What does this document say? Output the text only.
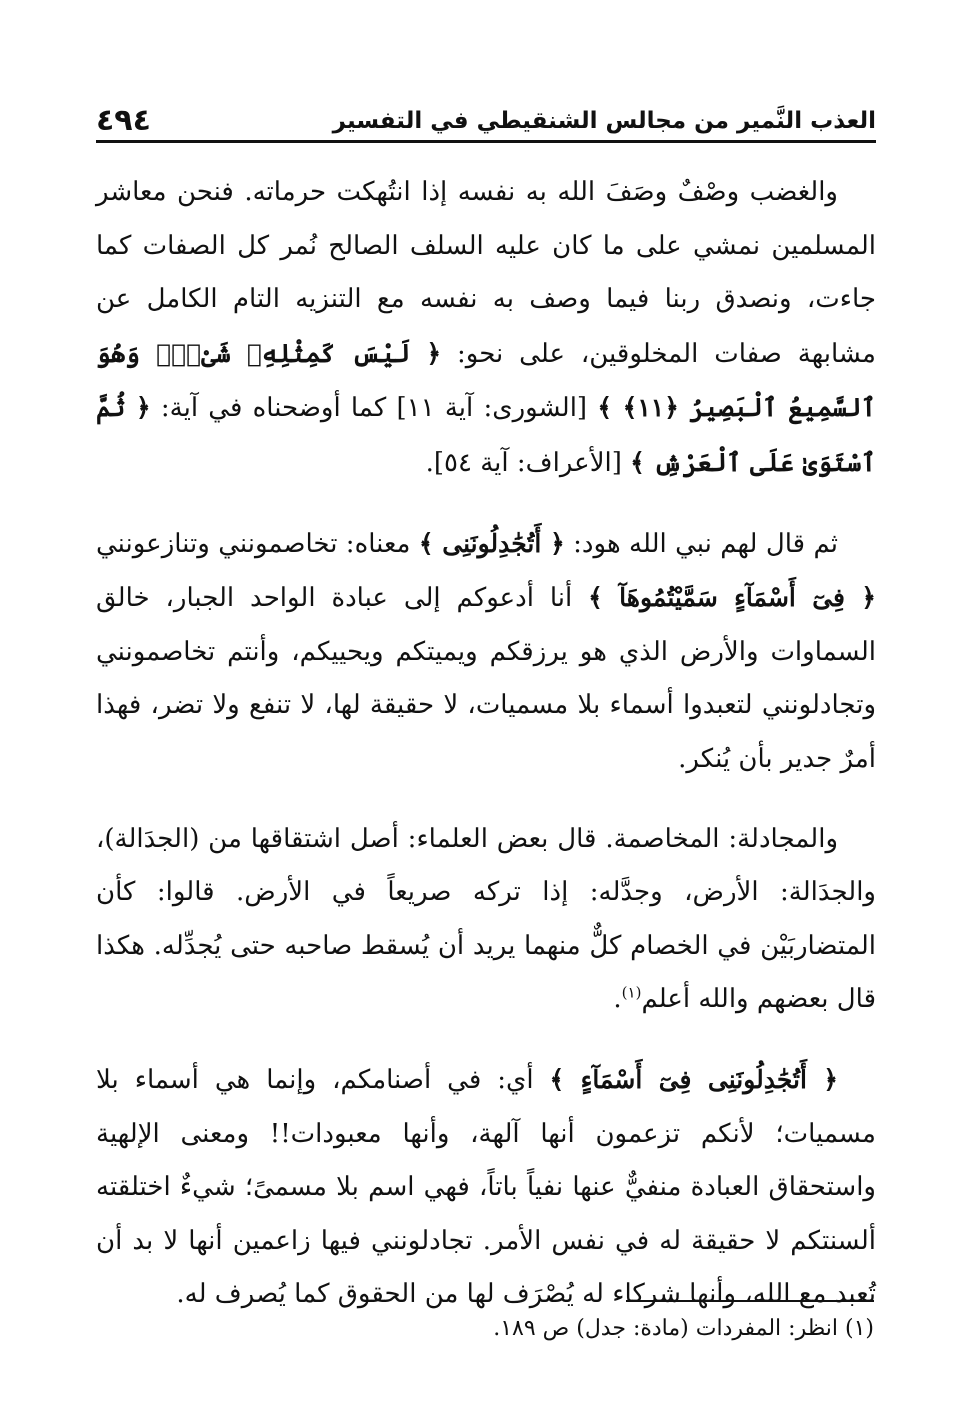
العذب النَّمير من مجالس الشنقيطي في التفسير
٤٩٤

والغضب وصْفٌ وصَفَ الله به نفسه إذا انتُهكت حرماته. فنحن معاشر المسلمين نمشي على ما كان عليه السلف الصالح نُمر كل الصفات كما جاءت، ونصدق ربنا فيما وصف به نفسه مع التنزيه التام الكامل عن مشابهة صفات المخلوقين، على نحو: ﴿ لَيْسَ كَمِثْلِهِۦ شَىْءٌۖ وَهُوَ ٱلسَّمِيعُ ٱلْبَصِيرُ ﴿١١﴾ ﴾ [الشورى: آية ١١] كما أوضحناه في آية: ﴿ ثُمَّ ٱسْتَوَىٰ عَلَى ٱلْعَرْشِ ﴾ [الأعراف: آية ٥٤].

ثم قال لهم نبي الله هود: ﴿ أَتُجَٰدِلُونَنِى ﴾ معناه: تخاصمونني وتنازعونني ﴿ فِىٓ أَسْمَآءٍ سَمَّيْتُمُوهَآ ﴾ أنا أدعوكم إلى عبادة الواحد الجبار، خالق السماوات والأرض الذي هو يرزقكم ويميتكم ويحييكم، وأنتم تخاصمونني وتجادلونني لتعبدوا أسماء بلا مسميات، لا حقيقة لها، لا تنفع ولا تضر، فهذا أمرٌ جدير بأن يُنكر.

والمجادلة: المخاصمة. قال بعض العلماء: أصل اشتقاقها من (الجدَالة)، والجدَالة: الأرض، وجدَّله: إذا تركه صريعاً في الأرض. قالوا: كأن المتضاربَيْن في الخصام كلٌّ منهما يريد أن يُسقط صاحبه حتى يُجدِّله. هكذا قال بعضهم والله أعلم$^{(١)}$.

﴿ أَتُجَٰدِلُونَنِى فِىٓ أَسْمَآءٍ ﴾ أي: في أصنامكم، وإنما هي أسماء بلا مسميات؛ لأنكم تزعمون أنها آلهة، وأنها معبودات!! ومعنى الإلهية واستحقاق العبادة منفيٌّ عنها نفياً باتاً، فهي اسم بلا مسمىً؛ شيءٌ اختلقته ألسنتكم لا حقيقة له في نفس الأمر. تجادلونني فيها زاعمين أنها لا بد أن تُعبد مع الله، وأنها شركاء له يُصْرَف لها من الحقوق كما يُصرف له.

(١) انظر: المفردات (مادة: جدل) ص ١٨٩.
